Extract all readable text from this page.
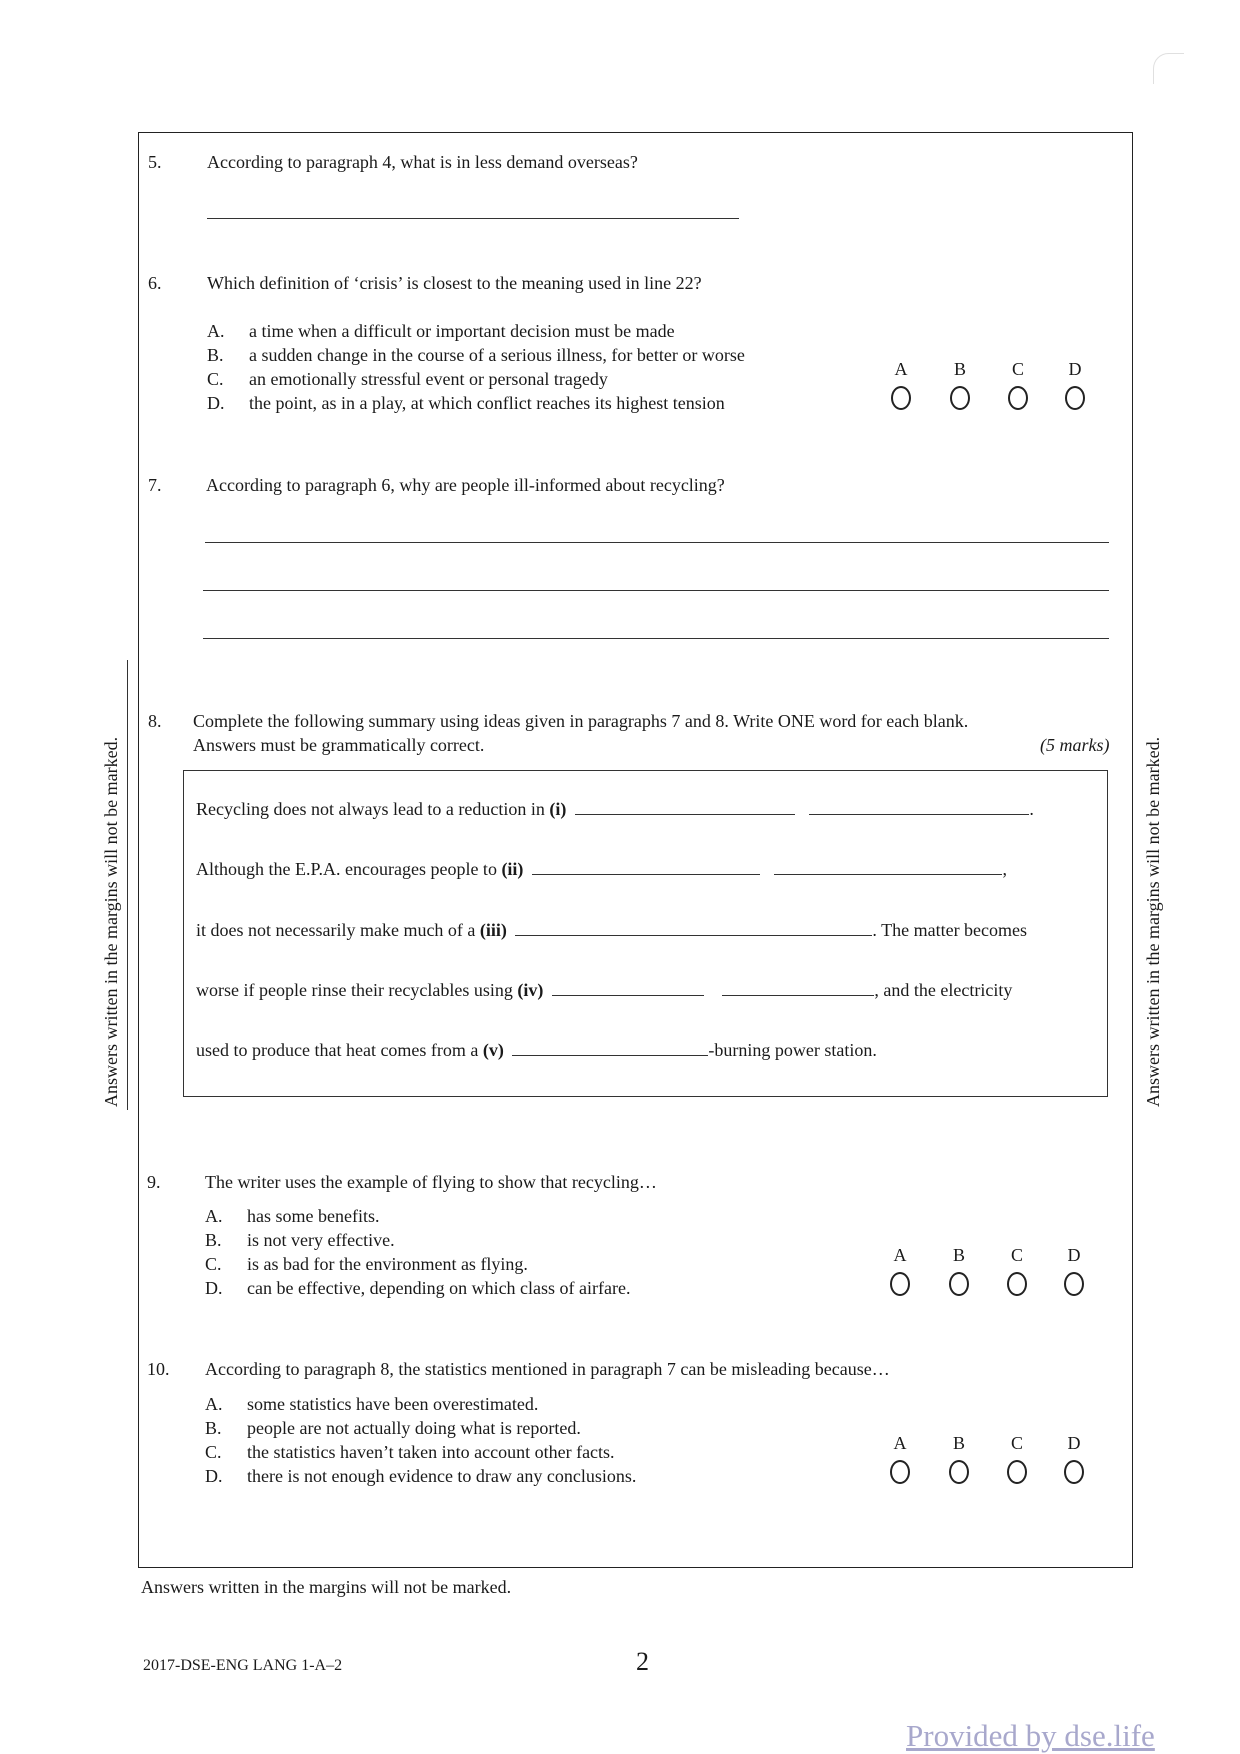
Answers written in the margins will not be marked.	Answers written in the margins will not be marked.
5.	According to paragraph 4, what is in less demand overseas?
6.	Which definition of ‘crisis’ is closest to the meaning used in line 22?
A. a time when a difficult or important decision must be made
B. a sudden change in the course of a serious illness, for better or worse
C. an emotionally stressful event or personal tragedy
D. the point, as in a play, at which conflict reaches its highest tension
A	B	C	D
7. According to paragraph 6, why are people ill-informed about recycling?
8. Complete the following summary using ideas given in paragraphs 7 and 8. Write ONE word for each blank.
Answers must be grammatically correct.	(5 marks)
Recycling does not always lead to a reduction in (i)	.
Although the E.P.A. encourages people to (ii)	,
it does not necessarily make much of a (iii)	. The matter becomes
worse if people rinse their recyclables using (iv)	, and the electricity
used to produce that heat comes from a (v)	-burning power station.
9. The writer uses the example of flying to show that recycling…
A. has some benefits.
B. is not very effective.
C. is as bad for the environment as flying.
D. can be effective, depending on which class of airfare.
A	B	C	D
10. According to paragraph 8, the statistics mentioned in paragraph 7 can be misleading because…
A. some statistics have been overestimated.
B. people are not actually doing what is reported.
C. the statistics haven’t taken into account other facts.
D. there is not enough evidence to draw any conclusions.
A	B	C	D
Answers written in the margins will not be marked.
2017-DSE-ENG LANG 1-A–2	2
Provided by dse.life
